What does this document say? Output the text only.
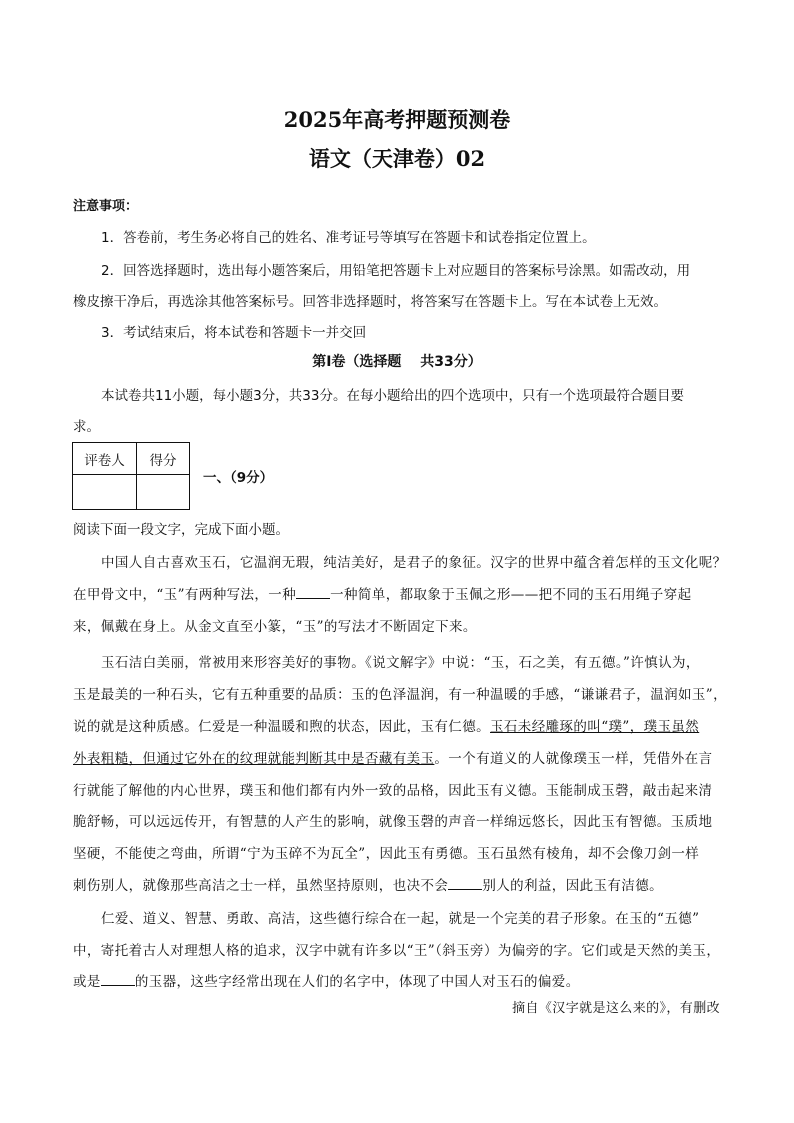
2025年高考押题预测卷
语文（天津卷）02
注意事项：
1．答卷前，考生务必将自己的姓名、准考证号等填写在答题卡和试卷指定位置上。
2．回答选择题时，选出每小题答案后，用铅笔把答题卡上对应题目的答案标号涂黑。如需改动，用
橡皮擦干净后，再选涂其他答案标号。回答非选择题时，将答案写在答题卡上。写在本试卷上无效。
3．考试结束后，将本试卷和答题卡一并交回
第Ⅰ卷（选择题　 共33分）
本试卷共11小题，每小题3分，共33分。在每小题给出的四个选项中，只有一个选项最符合题目要
求。
评卷人	得分

一、（9分）
阅读下面一段文字，完成下面小题。
中国人自古喜欢玉石，它温润无瑕，纯洁美好，是君子的象征。汉字的世界中蕴含着怎样的玉文化呢？
在甲骨文中，“玉”有两种写法，一种	一种简单，都取象于玉佩之形——把不同的玉石用绳子穿起
来，佩戴在身上。从金文直至小篆，“玉”的写法才不断固定下来。
玉石洁白美丽，常被用来形容美好的事物。《说文解字》中说：“玉，石之美，有五德。”许慎认为，
玉是最美的一种石头，它有五种重要的品质：玉的色泽温润，有一种温暖的手感，“谦谦君子，温润如玉”，
说的就是这种质感。仁爱是一种温暖和煦的状态，因此，玉有仁德。玉石未经雕琢的叫“璞”，璞玉虽然
外表粗糙，但通过它外在的纹理就能判断其中是否藏有美玉。一个有道义的人就像璞玉一样，凭借外在言
行就能了解他的内心世界，璞玉和他们都有内外一致的品格，因此玉有义德。玉能制成玉磬，敲击起来清
脆舒畅，可以远远传开，有智慧的人产生的影响，就像玉磬的声音一样绵远悠长，因此玉有智德。玉质地
坚硬，不能使之弯曲，所谓“宁为玉碎不为瓦全”，因此玉有勇德。玉石虽然有棱角，却不会像刀剑一样
刺伤别人，就像那些高洁之士一样，虽然坚持原则，也决不会	别人的利益，因此玉有洁德。
仁爱、道义、智慧、勇敢、高洁，这些德行综合在一起，就是一个完美的君子形象。在玉的“五德”
中，寄托着古人对理想人格的追求，汉字中就有许多以“王”（斜玉旁）为偏旁的字。它们或是天然的美玉，
或是	的玉器，这些字经常出现在人们的名字中，体现了中国人对玉石的偏爱。
摘自《汉字就是这么来的》，有删改
